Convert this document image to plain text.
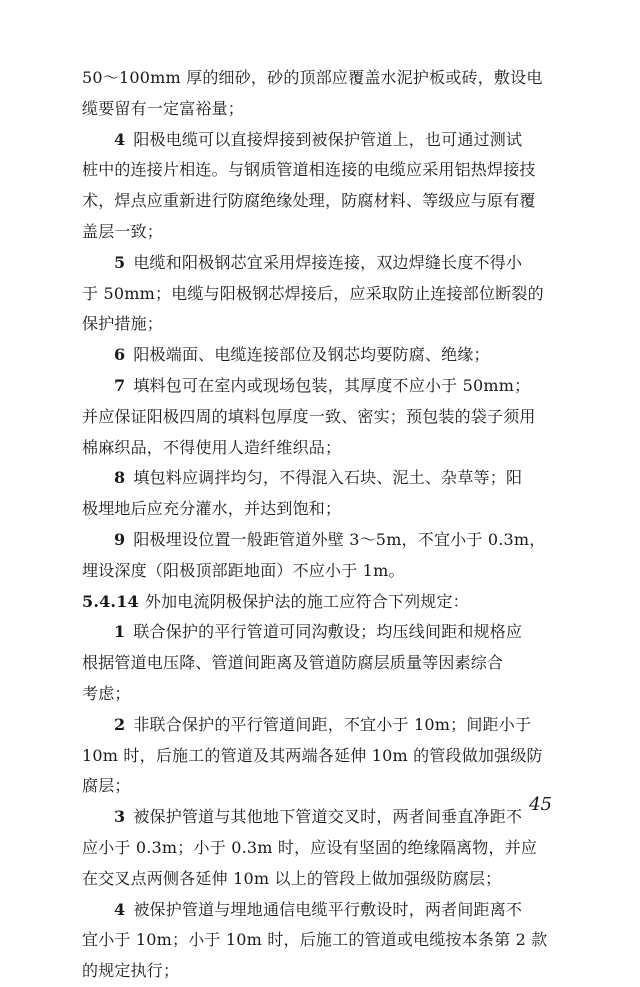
50～100mm 厚的细砂，砂的顶部应覆盖水泥护板或砖，敷设电
缆要留有一定富裕量；
4 阳极电缆可以直接焊接到被保护管道上，也可通过测试
桩中的连接片相连。与钢质管道相连接的电缆应采用铝热焊接技
术，焊点应重新进行防腐绝缘处理，防腐材料、等级应与原有覆
盖层一致；
5 电缆和阳极钢芯宜采用焊接连接，双边焊缝长度不得小
于 50mm；电缆与阳极钢芯焊接后，应采取防止连接部位断裂的
保护措施；
6 阳极端面、电缆连接部位及钢芯均要防腐、绝缘；
7 填料包可在室内或现场包装，其厚度不应小于 50mm；
并应保证阳极四周的填料包厚度一致、密实；预包装的袋子须用
棉麻织品，不得使用人造纤维织品；
8 填包料应调拌均匀，不得混入石块、泥土、杂草等；阳
极埋地后应充分灌水，并达到饱和；
9 阳极埋设位置一般距管道外壁 3～5m，不宜小于 0.3m，
埋设深度（阳极顶部距地面）不应小于 1m。
5.4.14 外加电流阴极保护法的施工应符合下列规定：
1 联合保护的平行管道可同沟敷设；均压线间距和规格应
根据管道电压降、管道间距离及管道防腐层质量等因素综合
考虑；
2 非联合保护的平行管道间距，不宜小于 10m；间距小于
10m 时，后施工的管道及其两端各延伸 10m 的管段做加强级防
腐层；
3 被保护管道与其他地下管道交叉时，两者间垂直净距不
应小于 0.3m；小于 0.3m 时，应设有坚固的绝缘隔离物，并应
在交叉点两侧各延伸 10m 以上的管段上做加强级防腐层；
4 被保护管道与埋地通信电缆平行敷设时，两者间距离不
宜小于 10m；小于 10m 时，后施工的管道或电缆按本条第 2 款
的规定执行；
45
